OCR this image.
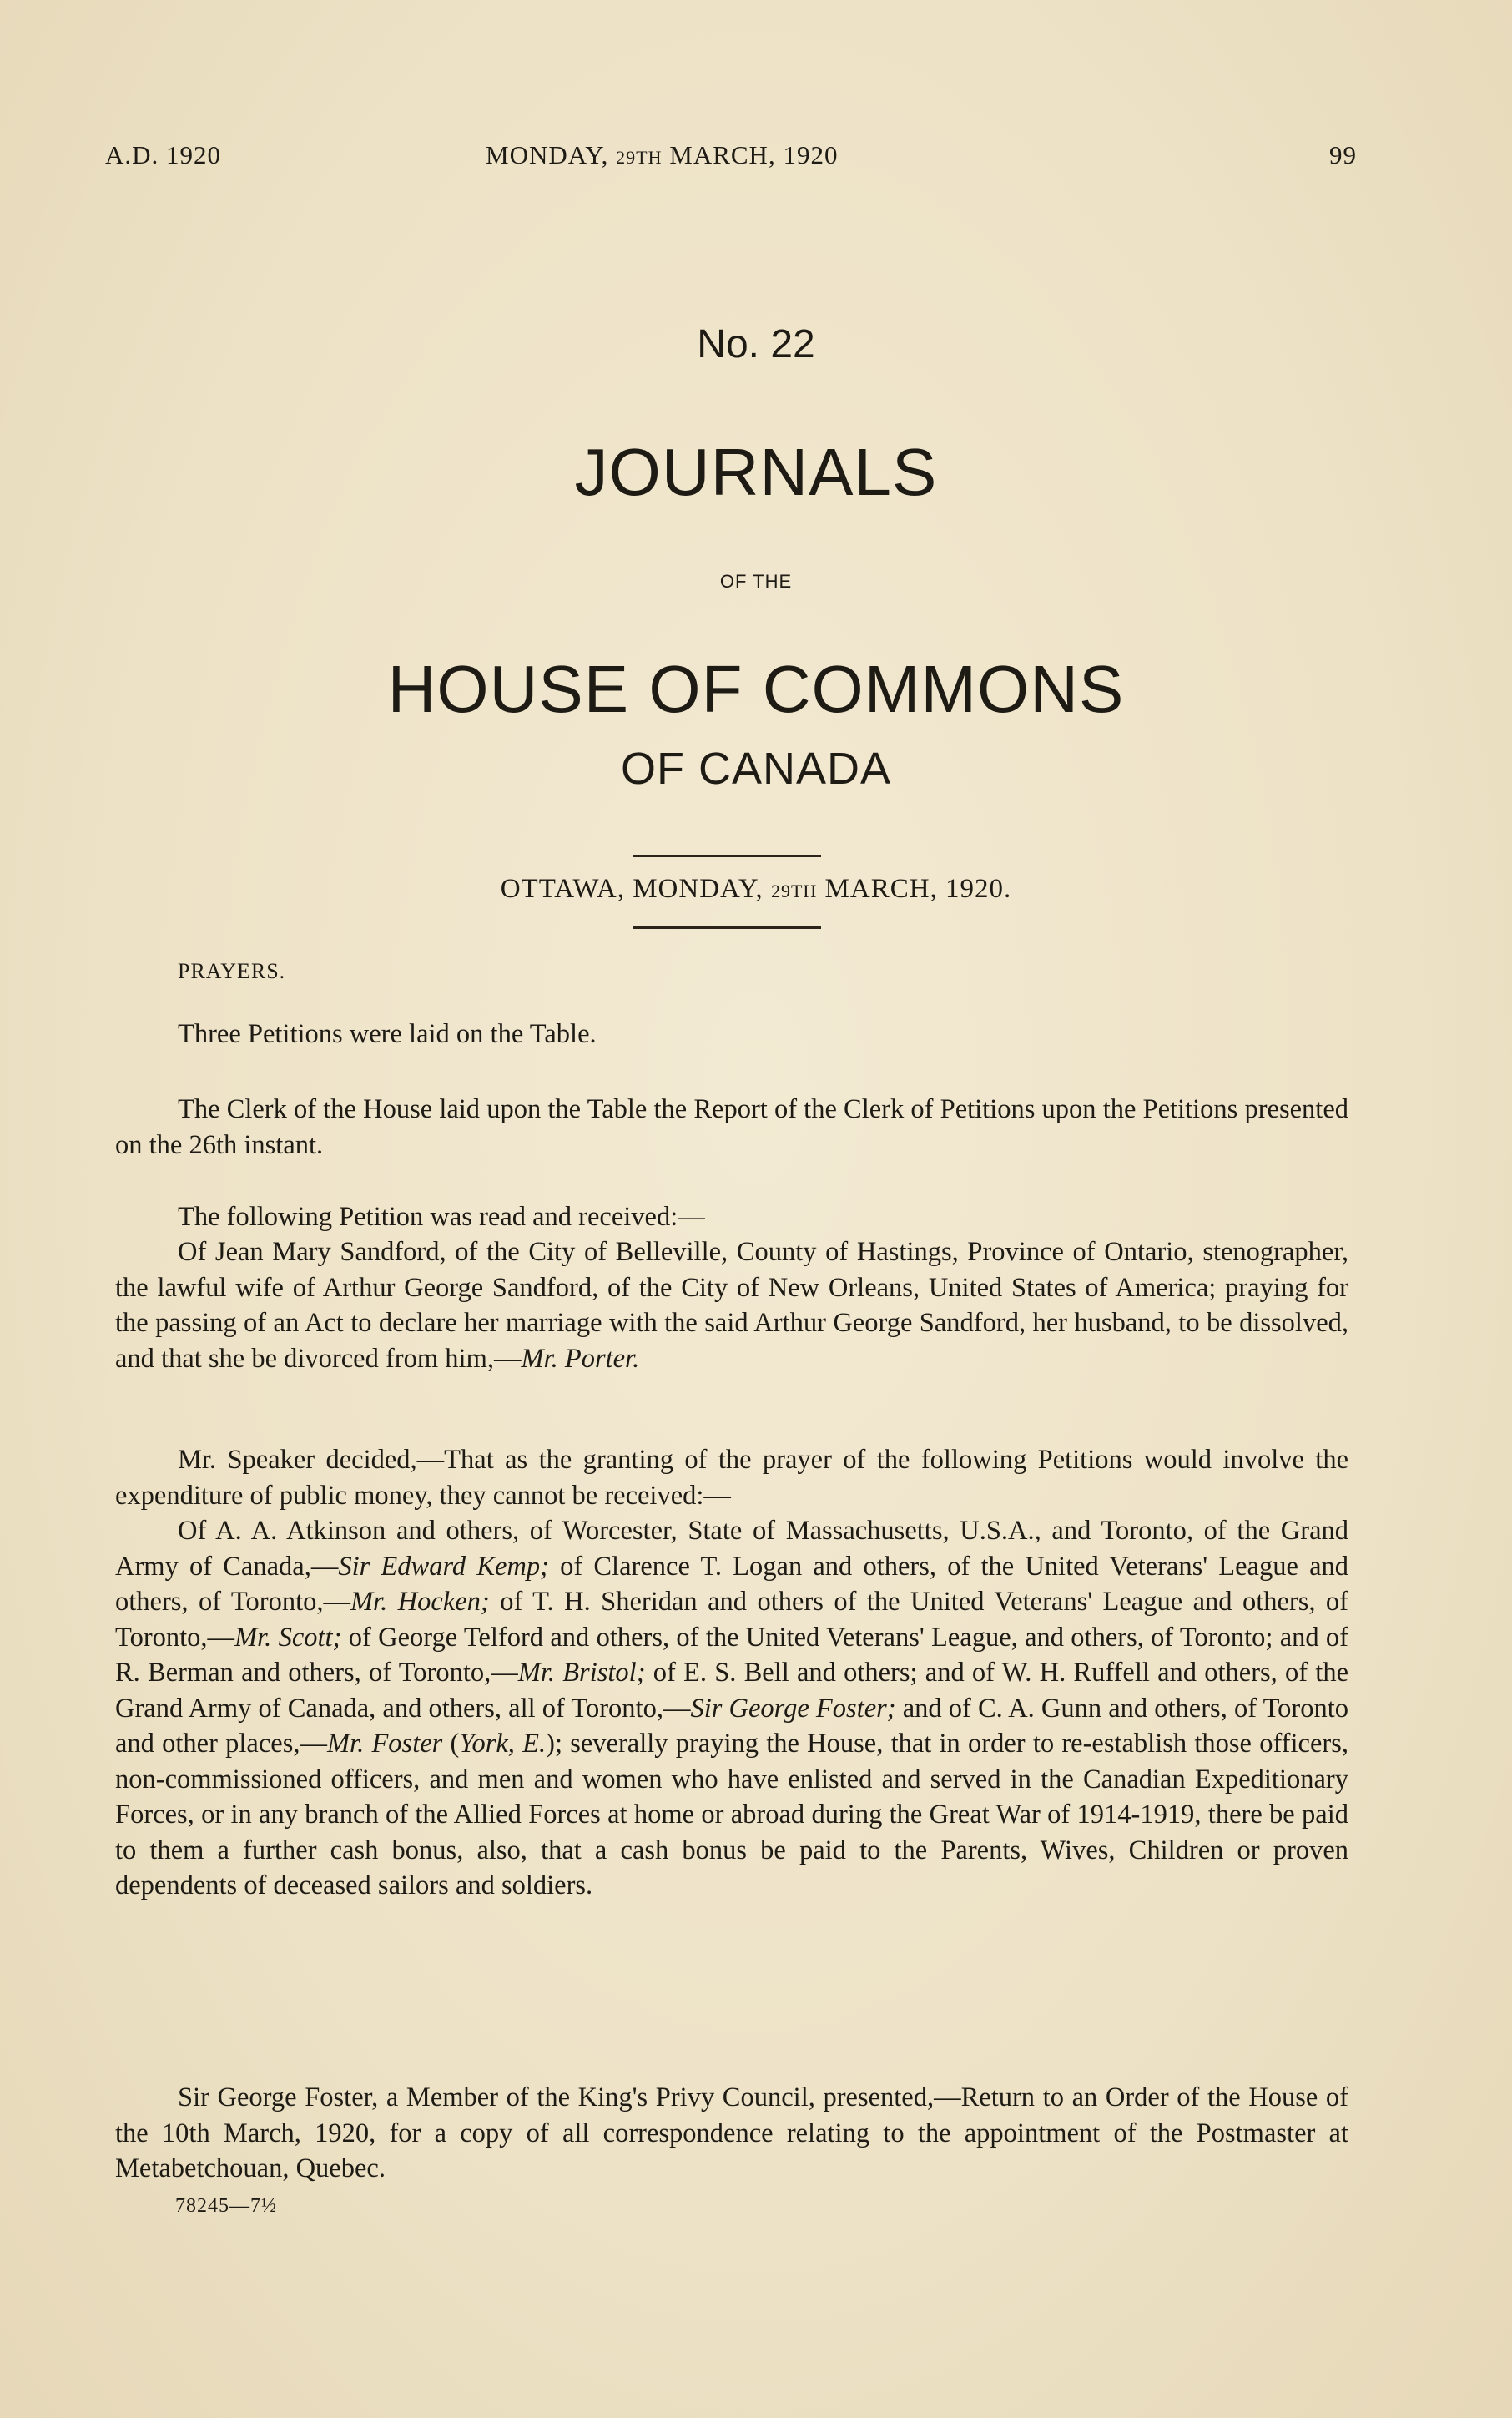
A.D. 1920	MONDAY, 29TH MARCH, 1920	99
No. 22
JOURNALS
OF THE
HOUSE OF COMMONS
OF CANADA
OTTAWA, MONDAY, 29TH MARCH, 1920.

PRAYERS.

Three Petitions were laid on the Table.

The Clerk of the House laid upon the Table the Report of the Clerk of Petitions upon the Petitions presented on the 26th instant.

The following Petition was read and received:—

Of Jean Mary Sandford, of the City of Belleville, County of Hastings, Province of Ontario, stenographer, the lawful wife of Arthur George Sandford, of the City of New Orleans, United States of America; praying for the passing of an Act to declare her marriage with the said Arthur George Sandford, her husband, to be dissolved, and that she be divorced from him,—Mr. Porter.

Mr. Speaker decided,—That as the granting of the prayer of the following Petitions would involve the expenditure of public money, they cannot be received:—

Of A. A. Atkinson and others, of Worcester, State of Massachusetts, U.S.A., and Toronto, of the Grand Army of Canada,—Sir Edward Kemp; of Clarence T. Logan and others, of the United Veterans' League and others, of Toronto,—Mr. Hocken; of T. H. Sheridan and others of the United Veterans' League and others, of Toronto,—Mr. Scott; of George Telford and others, of the United Veterans' League, and others, of Toronto; and of R. Berman and others, of Toronto,—Mr. Bristol; of E. S. Bell and others; and of W. H. Ruffell and others, of the Grand Army of Canada, and others, all of Toronto,—Sir George Foster; and of C. A. Gunn and others, of Toronto and other places,—Mr. Foster (York, E.); severally praying the House, that in order to re-establish those officers, non-commissioned officers, and men and women who have enlisted and served in the Canadian Expeditionary Forces, or in any branch of the Allied Forces at home or abroad during the Great War of 1914-1919, there be paid to them a further cash bonus, also, that a cash bonus be paid to the Parents, Wives, Children or proven dependents of deceased sailors and soldiers.

Sir George Foster, a Member of the King's Privy Council, presented,—Return to an Order of the House of the 10th March, 1920, for a copy of all correspondence relating to the appointment of the Postmaster at Metabetchouan, Quebec.

78245—7½
